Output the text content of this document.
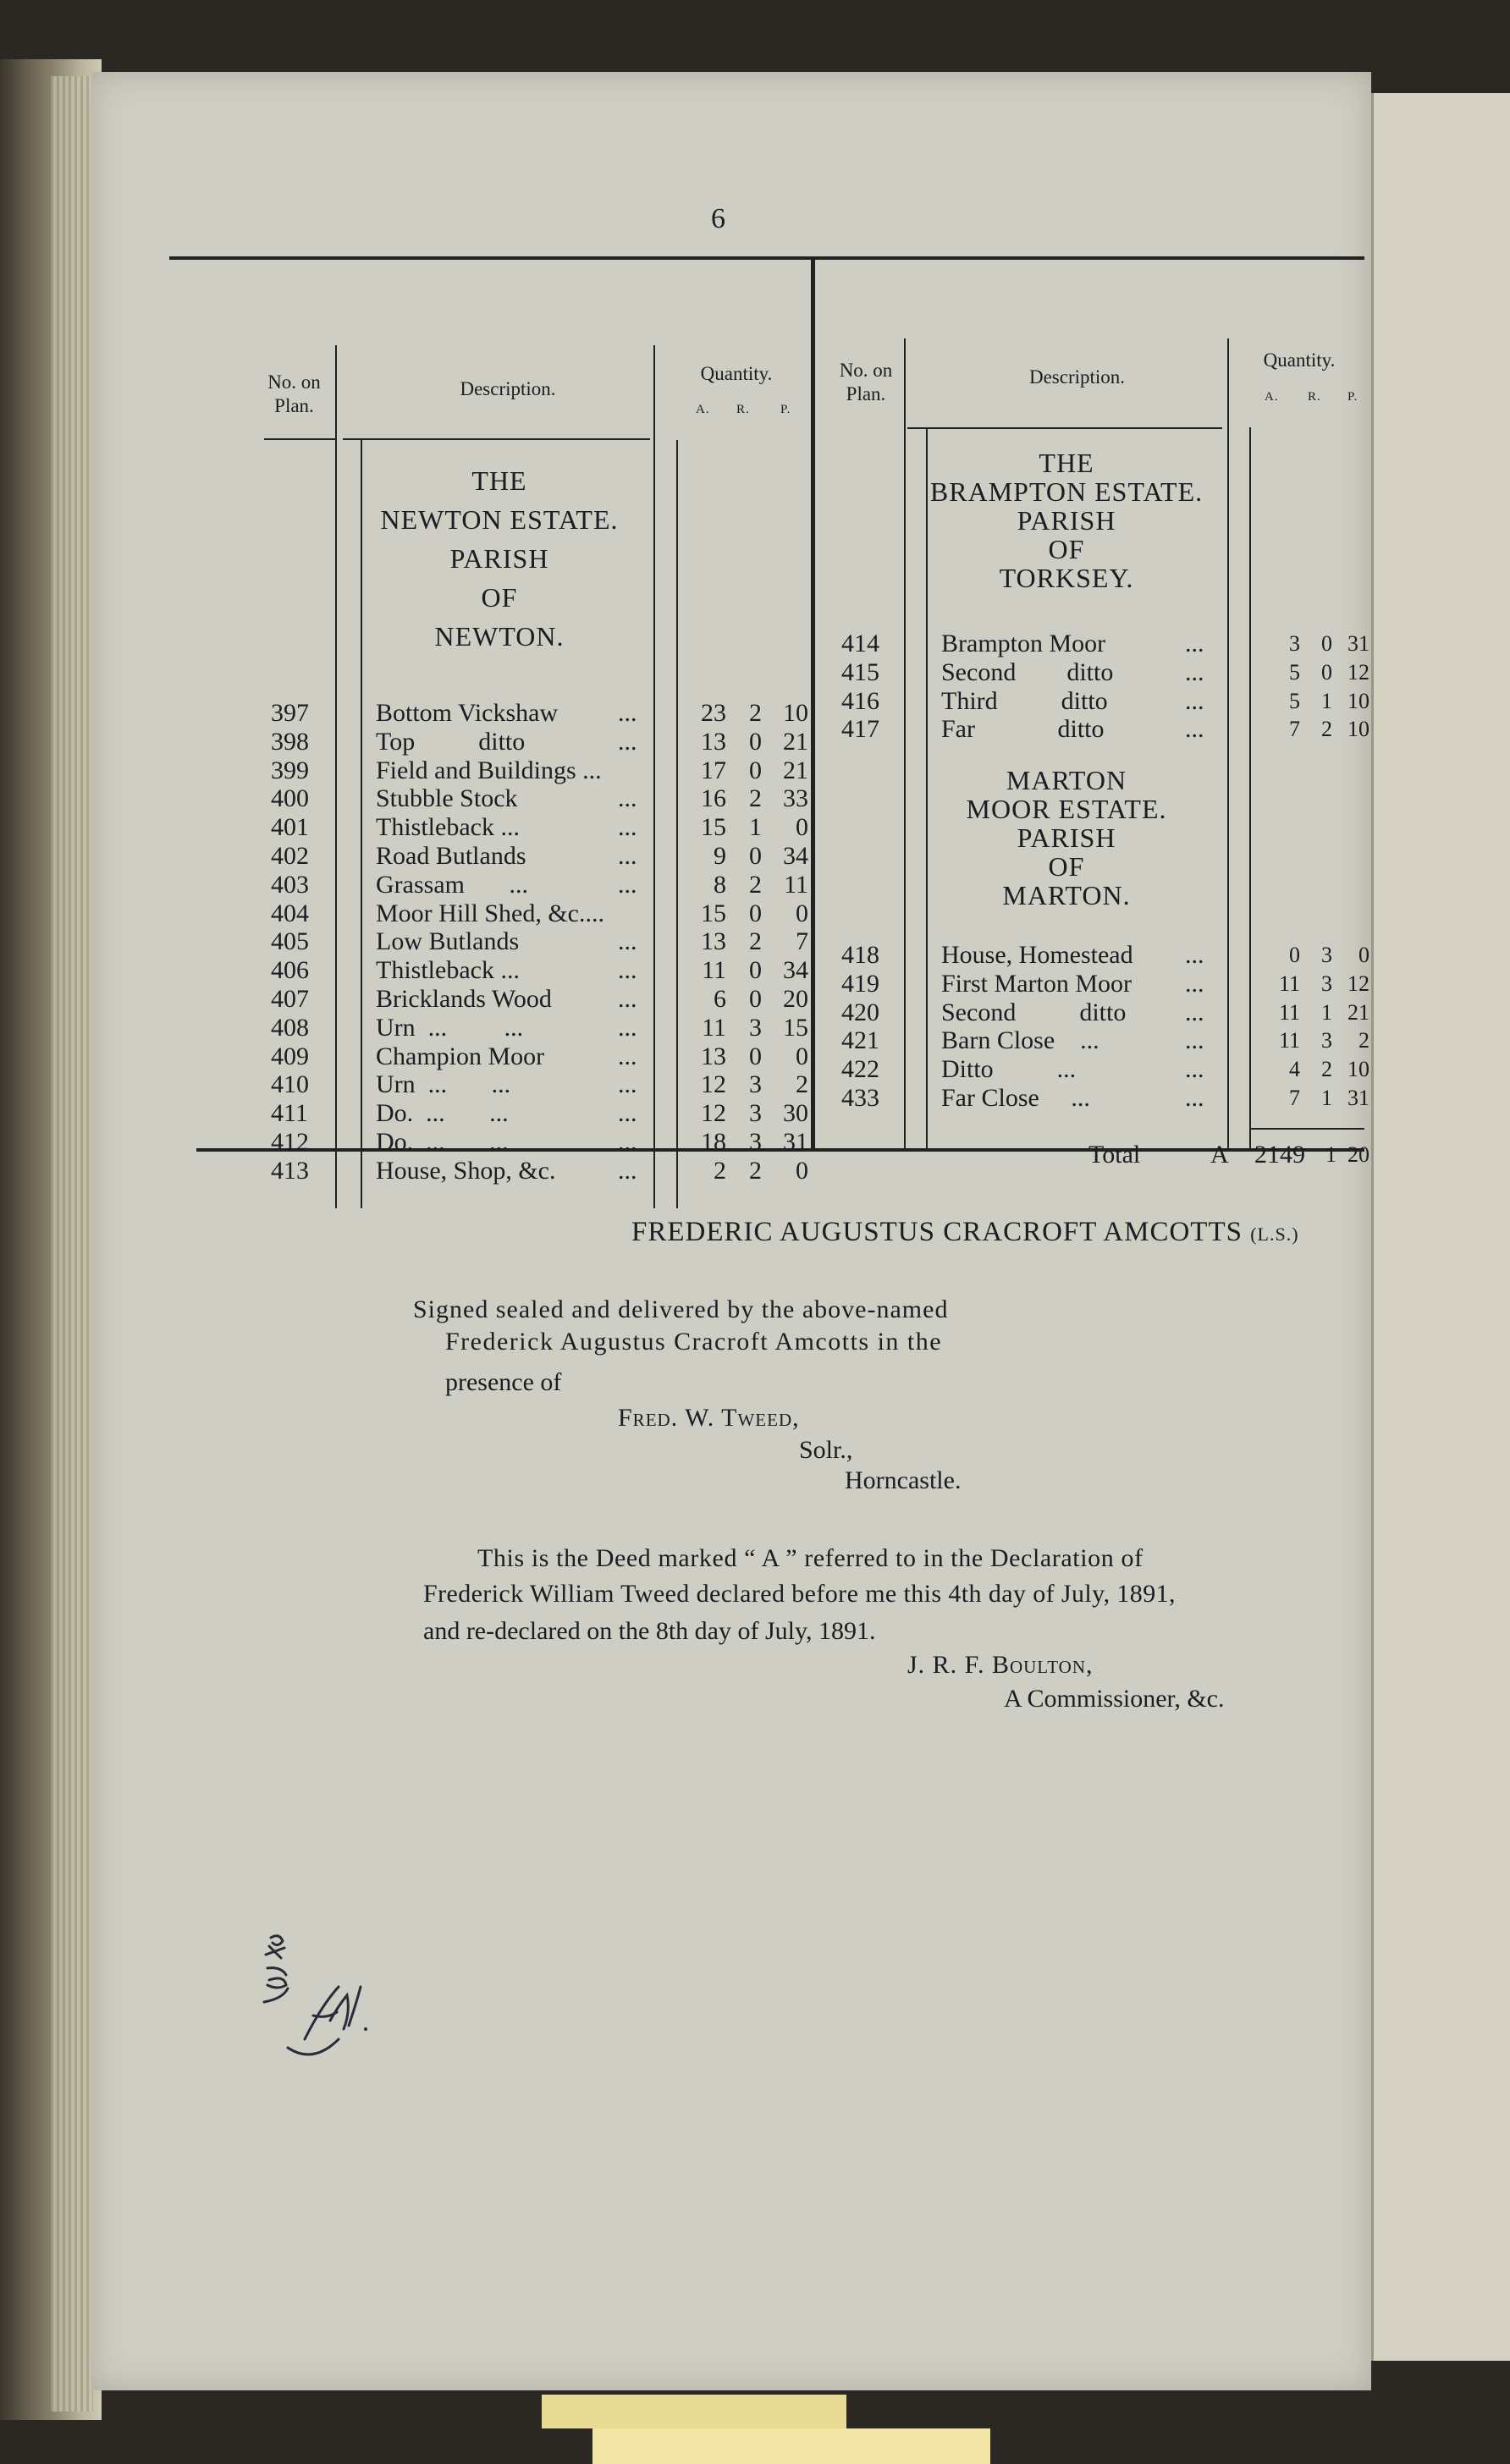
6
No. on Plan.
Description.
Quantity.
A. R. P.
No. on Plan.
Description.
Quantity.
A. R. P.
THE
NEWTON ESTATE.
PARISH
OF
NEWTON.
397	Bottom Vickshaw ...	23 2 10
398	Top          ditto	...	13 0 21
399	Field and Buildings ...	17 0 21
400	Stubble Stock	...	16 2 33
401	Thistleback ...	...	15 1	0
402	Road Butlands	...	9 0 34
403	Grassam       ...	...	8 2 11
404	Moor Hill Shed, &c....	15 0	0
405	Low Butlands	...	13 2	7
406	Thistleback ...	...	11 0 34
407	Bricklands Wood	...	6 0 20
408	Urn  ...         ...	...	11 3 15
409	Champion Moor	...	13 0	0
410	Urn  ...       ...	...	12 3	2
411	Do.  ...       ...	...	12 3 30
412	Do.  ...       ...	...	18 3 31
413	House, Shop, &c. ...	2 2	0
THE
BRAMPTON ESTATE.
PARISH
OF
TORKSEY.
MARTON
MOOR ESTATE.
PARISH
OF
MARTON.
414 Brampton Moor	...	3 0 31
415 Second        ditto	...	5 0 12
416 Third          ditto	...	5 1 10
417 Far             ditto	...	7 2 10
418 House, Homestead ...	0 3	0
419 First Marton Moor ...	11 3 12
420 Second          ditto ...	11 1 21
421 Barn Close    ...	...	11 3	2
422 Ditto          ...	...	4 2 10
433 Far Close     ...	...	7 1 31
Total	A	2149 1 20
FREDERIC AUGUSTUS CRACROFT AMCOTTS (L.S.)
Signed sealed and delivered by the above-named
Frederick Augustus Cracroft Amcotts in the
presence of
Fred. W. Tweed,
Solr.,
Horncastle.
This is the Deed marked “ A ” referred to in the Declaration of
Frederick William Tweed declared before me this 4th day of July, 1891,
and re-declared on the 8th day of July, 1891.
J. R. F. Boulton,
A Commissioner, &c.
